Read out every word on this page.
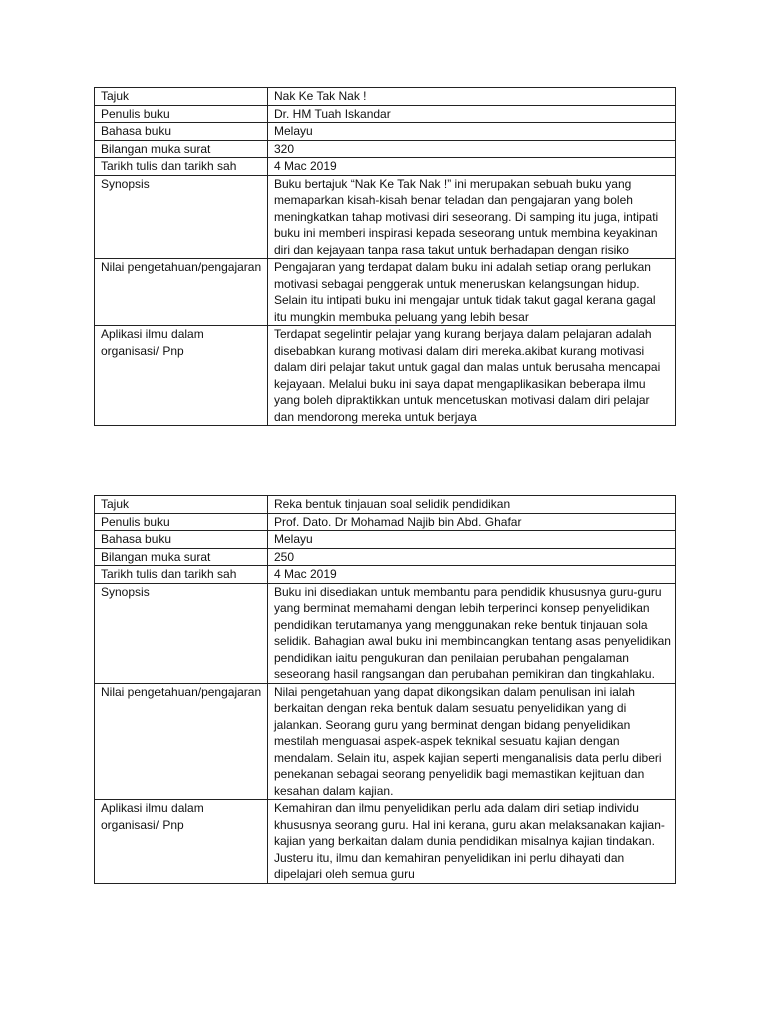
Tajuk	Nak Ke Tak Nak !
Penulis buku	Dr. HM Tuah Iskandar
Bahasa buku	Melayu
Bilangan muka surat	320
Tarikh tulis dan tarikh sah	4 Mac 2019
Synopsis	Buku bertajuk “Nak Ke Tak Nak !” ini merupakan sebuah buku yang memaparkan kisah-kisah benar teladan dan pengajaran yang boleh meningkatkan tahap motivasi diri seseorang. Di samping itu juga, intipati buku ini memberi inspirasi kepada seseorang untuk membina keyakinan diri dan kejayaan tanpa rasa takut untuk berhadapan dengan risiko
Nilai pengetahuan/pengajaran	Pengajaran yang terdapat dalam buku ini adalah setiap orang perlukan motivasi sebagai penggerak untuk meneruskan kelangsungan hidup. Selain itu intipati buku ini mengajar untuk tidak takut gagal kerana gagal itu mungkin membuka peluang yang lebih besar
Aplikasi ilmu dalam organisasi/ Pnp	Terdapat segelintir pelajar yang kurang berjaya dalam pelajaran adalah disebabkan kurang motivasi dalam diri mereka.akibat kurang motivasi dalam diri pelajar takut untuk gagal dan malas untuk berusaha mencapai kejayaan. Melalui buku ini saya dapat mengaplikasikan beberapa ilmu yang boleh dipraktikkan untuk mencetuskan motivasi dalam diri pelajar dan mendorong mereka untuk berjaya
Tajuk	Reka bentuk tinjauan soal selidik pendidikan
Penulis buku	Prof. Dato. Dr Mohamad Najib bin Abd. Ghafar
Bahasa buku	Melayu
Bilangan muka surat	250
Tarikh tulis dan tarikh sah	4 Mac 2019
Synopsis	Buku ini disediakan untuk membantu para pendidik khususnya guru-guru yang berminat memahami dengan lebih terperinci konsep penyelidikan pendidikan terutamanya yang menggunakan reke bentuk tinjauan sola selidik. Bahagian awal buku ini membincangkan tentang asas penyelidikan pendidikan iaitu pengukuran dan penilaian perubahan pengalaman seseorang hasil rangsangan dan perubahan pemikiran dan tingkahlaku.
Nilai pengetahuan/pengajaran	Nilai pengetahuan yang dapat dikongsikan dalam penulisan ini ialah berkaitan dengan reka bentuk dalam sesuatu penyelidikan yang di jalankan. Seorang guru yang berminat dengan bidang penyelidikan mestilah menguasai aspek-aspek teknikal sesuatu kajian dengan mendalam. Selain itu, aspek kajian seperti menganalisis data perlu diberi penekanan sebagai seorang penyelidik bagi memastikan kejituan dan kesahan dalam kajian.
Aplikasi ilmu dalam organisasi/ Pnp	Kemahiran dan ilmu penyelidikan perlu ada dalam diri setiap individu khususnya seorang guru. Hal ini kerana, guru akan melaksanakan kajian-kajian yang berkaitan dalam dunia pendidikan misalnya kajian tindakan. Justeru itu, ilmu dan kemahiran penyelidikan ini perlu dihayati dan dipelajari oleh semua guru
